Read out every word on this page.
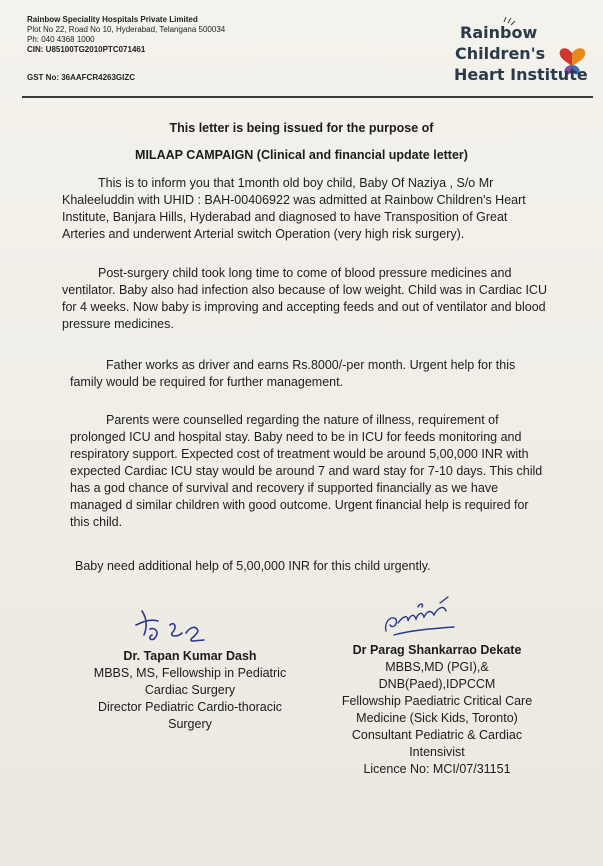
Rainbow Speciality Hospitals Private Limited
Plot No 22, Road No 10, Hyderabad, Telangana 500034
Ph: 040 4368 1000
CIN: U85100TG2010PTC071461
GST No: 36AAFCR4263GIZC
Rainbow
Children's
Heart Institute
This letter is being issued for the purpose of
MILAAP CAMPAIGN (Clinical and financial update letter)
This is to inform you that 1month old boy child, Baby Of Naziya , S/o Mr Khaleeluddin with UHID : BAH-00406922 was admitted at Rainbow Children's Heart Institute, Banjara Hills, Hyderabad and diagnosed to have Transposition of Great Arteries and underwent Arterial switch Operation (very high risk surgery).
Post-surgery child took long time to come of blood pressure medicines and ventilator. Baby also had infection also because of low weight. Child was in Cardiac ICU for 4 weeks. Now baby is improving and accepting feeds and out of ventilator and blood pressure medicines.
Father works as driver and earns Rs.8000/-per month. Urgent help for this family would be required for further management.
Parents were counselled regarding the nature of illness, requirement of prolonged ICU and hospital stay. Baby need to be in ICU for feeds monitoring and respiratory support. Expected cost of treatment would be around 5,00,000 INR with expected Cardiac ICU stay would be around 7 and ward stay for 7-10 days. This child has a god chance of survival and recovery if supported financially as we have managed d similar children with good outcome. Urgent financial help is required for this child.
Baby need additional help of 5,00,000 INR for this child urgently.
Dr. Tapan Kumar Dash
MBBS, MS, Fellowship in Pediatric
Cardiac Surgery
Director Pediatric Cardio-thoracic
Surgery
Dr Parag Shankarrao Dekate
MBBS,MD (PGI),&
DNB(Paed),IDPCCM
Fellowship Paediatric Critical Care
Medicine (Sick Kids, Toronto)
Consultant Pediatric & Cardiac
Intensivist
Licence No: MCI/07/31151
